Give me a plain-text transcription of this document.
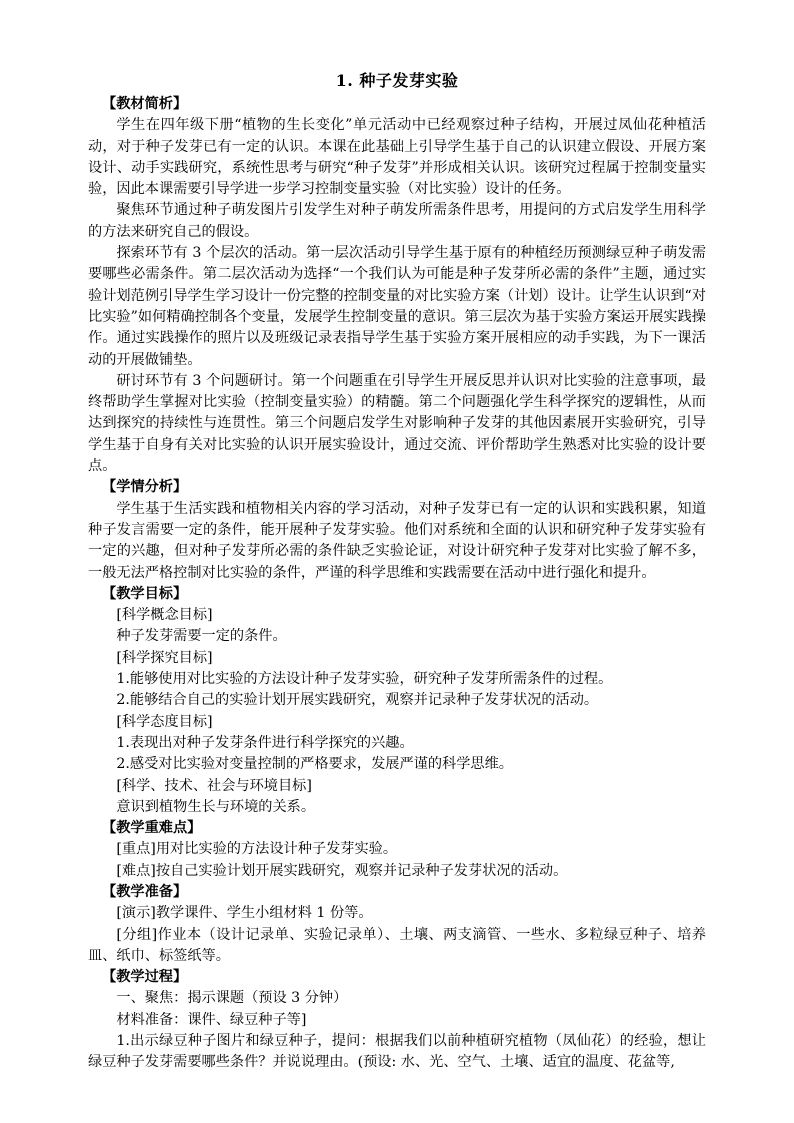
1. 种子发芽实验

【教材简析】

学生在四年级下册“植物的生长变化”单元活动中已经观察过种子结构，开展过凤仙花种植活动，对于种子发芽已有一定的认识。本课在此基础上引导学生基于自己的认识建立假设、开展方案设计、动手实践研究，系统性思考与研究“种子发芽”并形成相关认识。该研究过程属于控制变量实验，因此本课需要引导学进一步学习控制变量实验（对比实验）设计的任务。

聚焦环节通过种子萌发图片引发学生对种子萌发所需条件思考，用提问的方式启发学生用科学的方法来研究自己的假设。

探索环节有 3 个层次的活动。第一层次活动引导学生基于原有的种植经历预测绿豆种子萌发需要哪些必需条件。第二层次活动为选择“一个我们认为可能是种子发芽所必需的条件”主题，通过实验计划范例引导学生学习设计一份完整的控制变量的对比实验方案（计划）设计。让学生认识到“对比实验”如何精确控制各个变量，发展学生控制变量的意识。第三层次为基于实验方案运开展实践操作。通过实践操作的照片以及班级记录表指导学生基于实验方案开展相应的动手实践，为下一课活动的开展做铺垫。

研讨环节有 3 个问题研讨。第一个问题重在引导学生开展反思并认识对比实验的注意事项，最终帮助学生掌握对比实验（控制变量实验）的精髓。第二个问题强化学生科学探究的逻辑性，从而达到探究的持续性与连贯性。第三个问题启发学生对影响种子发芽的其他因素展开实验研究，引导学生基于自身有关对比实验的认识开展实验设计，通过交流、评价帮助学生熟悉对比实验的设计要点。

【学情分析】

学生基于生活实践和植物相关内容的学习活动，对种子发芽已有一定的认识和实践积累，知道种子发言需要一定的条件，能开展种子发芽实验。他们对系统和全面的认识和研究种子发芽实验有一定的兴趣，但对种子发芽所必需的条件缺乏实验论证，对设计研究种子发芽对比实验了解不多，一般无法严格控制对比实验的条件，严谨的科学思维和实践需要在活动中进行强化和提升。

【教学目标】

[科学概念目标]

种子发芽需要一定的条件。

[科学探究目标]

1.能够使用对比实验的方法设计种子发芽实验，研究种子发芽所需条件的过程。

2.能够结合自己的实验计划开展实践研究，观察并记录种子发芽状况的活动。

[科学态度目标]

1.表现出对种子发芽条件进行科学探究的兴趣。

2.感受对比实验对变量控制的严格要求，发展严谨的科学思维。

[科学、技术、社会与环境目标]

意识到植物生长与环境的关系。

【教学重难点】

[重点]用对比实验的方法设计种子发芽实验。

[难点]按自己实验计划开展实践研究，观察并记录种子发芽状况的活动。

【教学准备】

[演示]教学课件、学生小组材料 1 份等。

[分组]作业本（设计记录单、实验记录单）、土壤、两支滴管、一些水、多粒绿豆种子、培养皿、纸巾、标签纸等。

【教学过程】

一、聚焦：揭示课题（预设 3 分钟）

材料准备：课件、绿豆种子等]

1.出示绿豆种子图片和绿豆种子，提问：根据我们以前种植研究植物（凤仙花）的经验，想让绿豆种子发芽需要哪些条件？并说说理由。(预设: 水、光、空气、土壤、适宜的温度、花盆等,
